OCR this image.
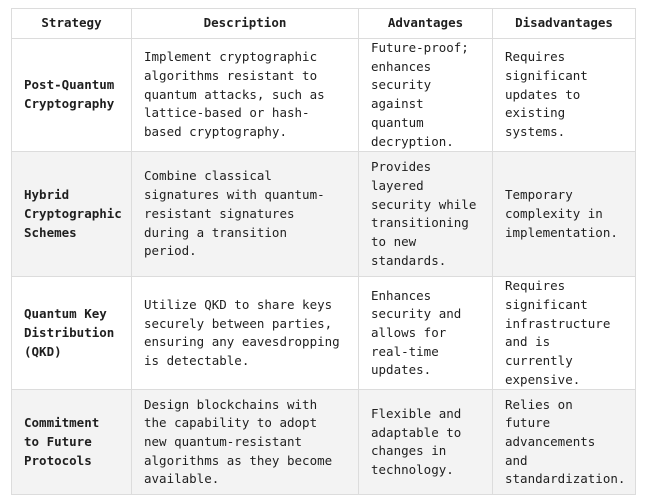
Strategy	Description	Advantages	Disadvantages
Post-Quantum Cryptography	Implement cryptographic algorithms resistant to quantum attacks, such as lattice-based or hash-based cryptography.	Future-proof; enhances security against quantum decryption.	Requires significant updates to existing systems.
Hybrid Cryptographic Schemes	Combine classical signatures with quantum-resistant signatures during a transition period.	Provides layered security while transitioning to new standards.	Temporary complexity in implementation.
Quantum Key Distribution (QKD)	Utilize QKD to share keys securely between parties, ensuring any eavesdropping is detectable.	Enhances security and allows for real-time updates.	Requires significant infrastructure and is currently expensive.
Commitment to Future Protocols	Design blockchains with the capability to adopt new quantum-resistant algorithms as they become available.	Flexible and adaptable to changes in technology.	Relies on future advancements and standardization.
